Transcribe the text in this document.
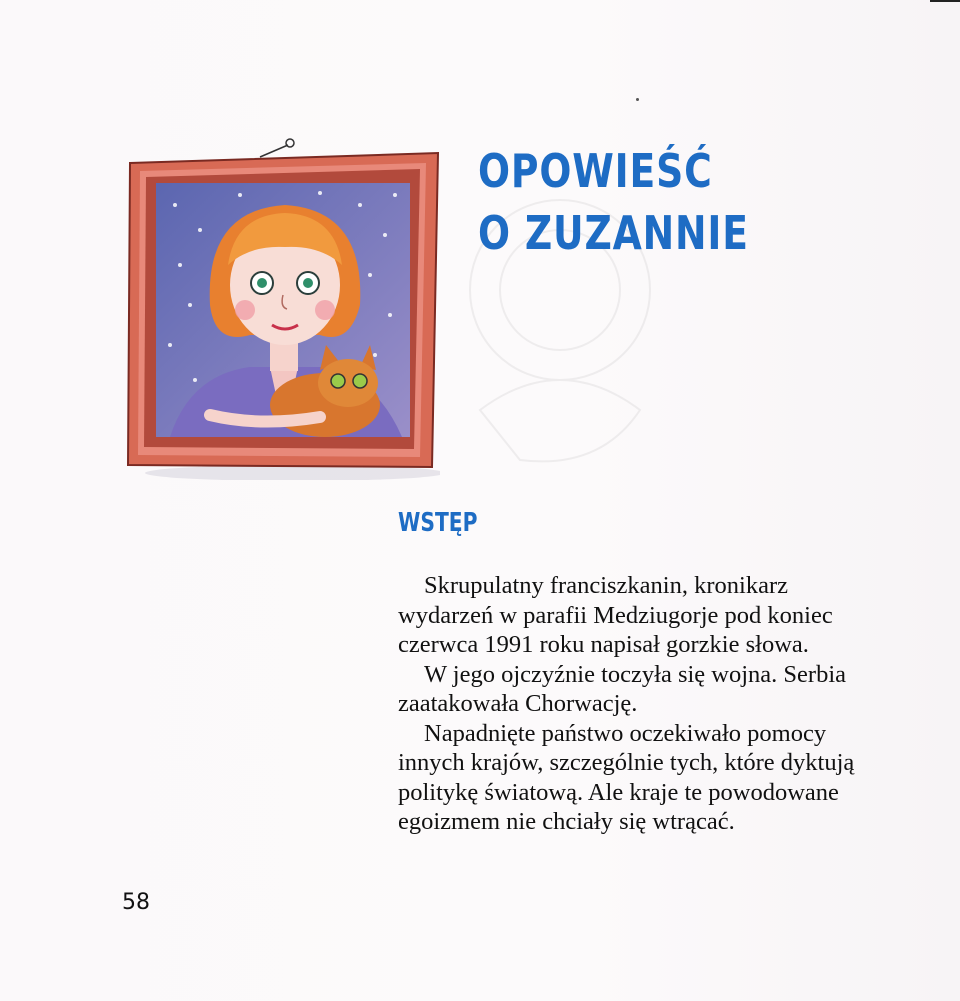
OPOWIEŚĆ
O ZUZANNIE
WSTĘP

Skrupulatny franciszkanin, kronikarz wydarzeń w parafii Medziugorje pod koniec czerwca 1991 roku napisał gorzkie słowa.

W jego ojczyźnie toczyła się wojna. Serbia zaatakowała Chorwację.

Napadnięte państwo oczekiwało pomocy innych krajów, szczególnie tych, które dyktują politykę światową. Ale kraje te powodowane egoizmem nie chciały się wtrącać.

58
